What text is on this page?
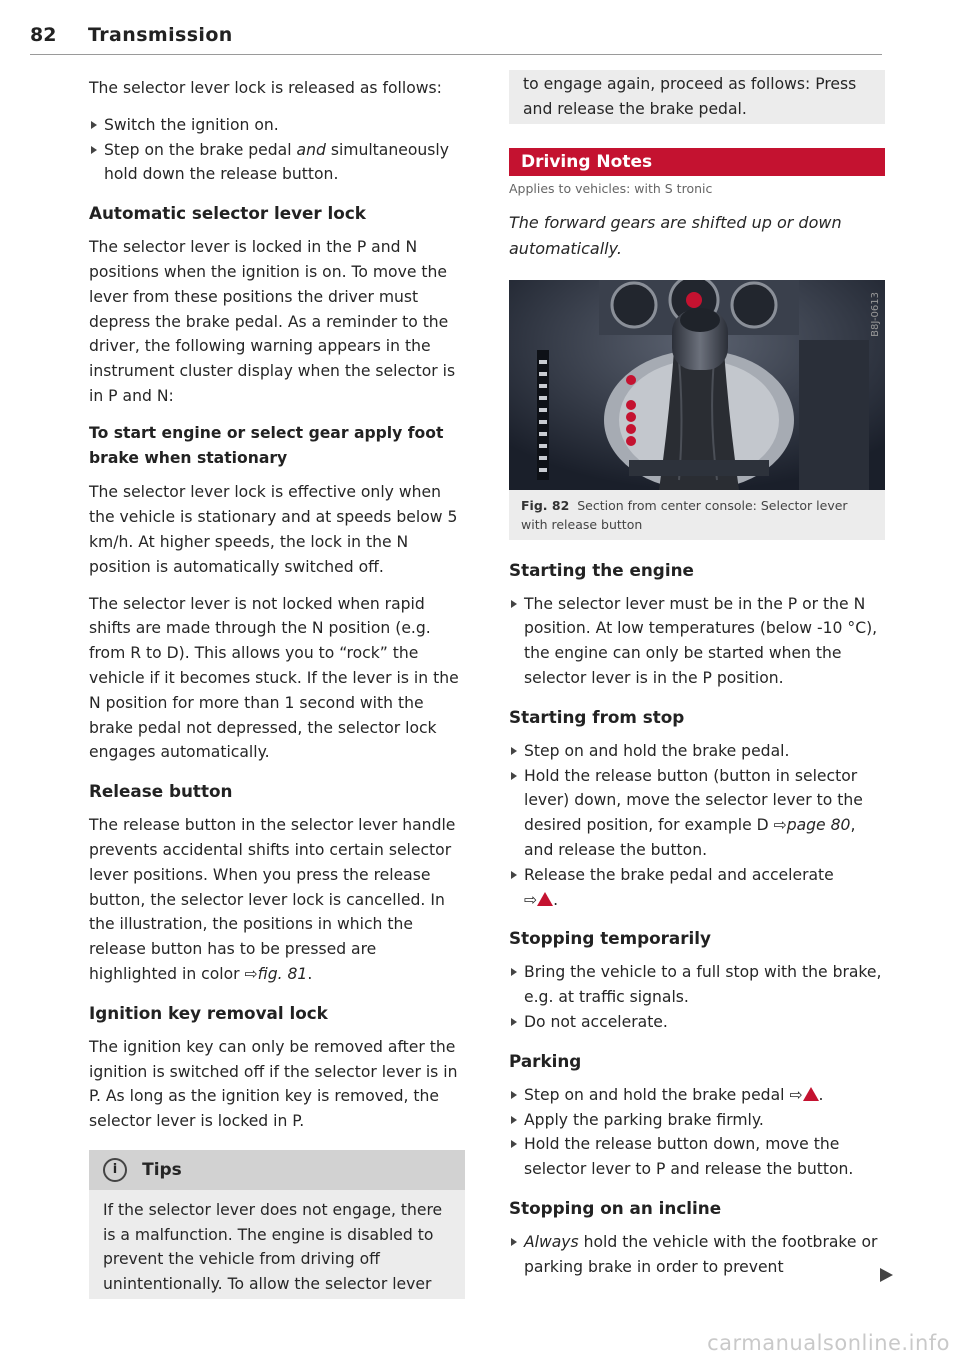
82 Transmission

The selector lever lock is released as follows:

Switch the ignition on.
Step on the brake pedal and simultaneously hold down the release button.
Automatic selector lever lock

The selector lever is locked in the P and N positions when the ignition is on. To move the lever from these positions the driver must depress the brake pedal. As a reminder to the driver, the following warning appears in the instrument cluster display when the selector is in P and N:

To start engine or select gear apply foot brake when stationary

The selector lever lock is effective only when the vehicle is stationary and at speeds below 5 km/h. At higher speeds, the lock in the N position is automatically switched off.

The selector lever is not locked when rapid shifts are made through the N position (e.g. from R to D). This allows you to “rock” the vehicle if it becomes stuck. If the lever is in the N position for more than 1 second with the brake pedal not depressed, the selector lock engages automatically.

Release button

The release button in the selector lever handle prevents accidental shifts into certain selector lever positions. When you press the release button, the selector lever lock is cancelled. In the illustration, the positions in which the release button has to be pressed are highlighted in color ⇨fig. 81.

Ignition key removal lock

The ignition key can only be removed after the ignition is switched off if the selector lever is in P. As long as the ignition key is removed, the selector lever is locked in P.

i Tips

If the selector lever does not engage, there is a malfunction. The engine is disabled to prevent the vehicle from driving off unintentionally. To allow the selector lever

to engage again, proceed as follows: Press and release the brake pedal.

Driving Notes
Applies to vehicles: with S tronic

The forward gears are shifted up or down automatically.

B8J-0613
Fig. 82 Section from center console: Selector lever with release button
Starting the engine
The selector lever must be in the P or the N position. At low temperatures (below -10 °C), the engine can only be started when the selector lever is in the P position.
Starting from stop
Step on and hold the brake pedal.
Hold the release button (button in selector lever) down, move the selector lever to the desired position, for example D ⇨page 80, and release the button.
Release the brake pedal and accelerate
⇨ .
Stopping temporarily
Bring the vehicle to a full stop with the brake, e.g. at traffic signals.
Do not accelerate.
Parking
Step on and hold the brake pedal ⇨ .
Apply the parking brake firmly.
Hold the release button down, move the selector lever to P and release the button.
Stopping on an incline
Always hold the vehicle with the footbrake or parking brake in order to prevent
carmanualsonline.info
